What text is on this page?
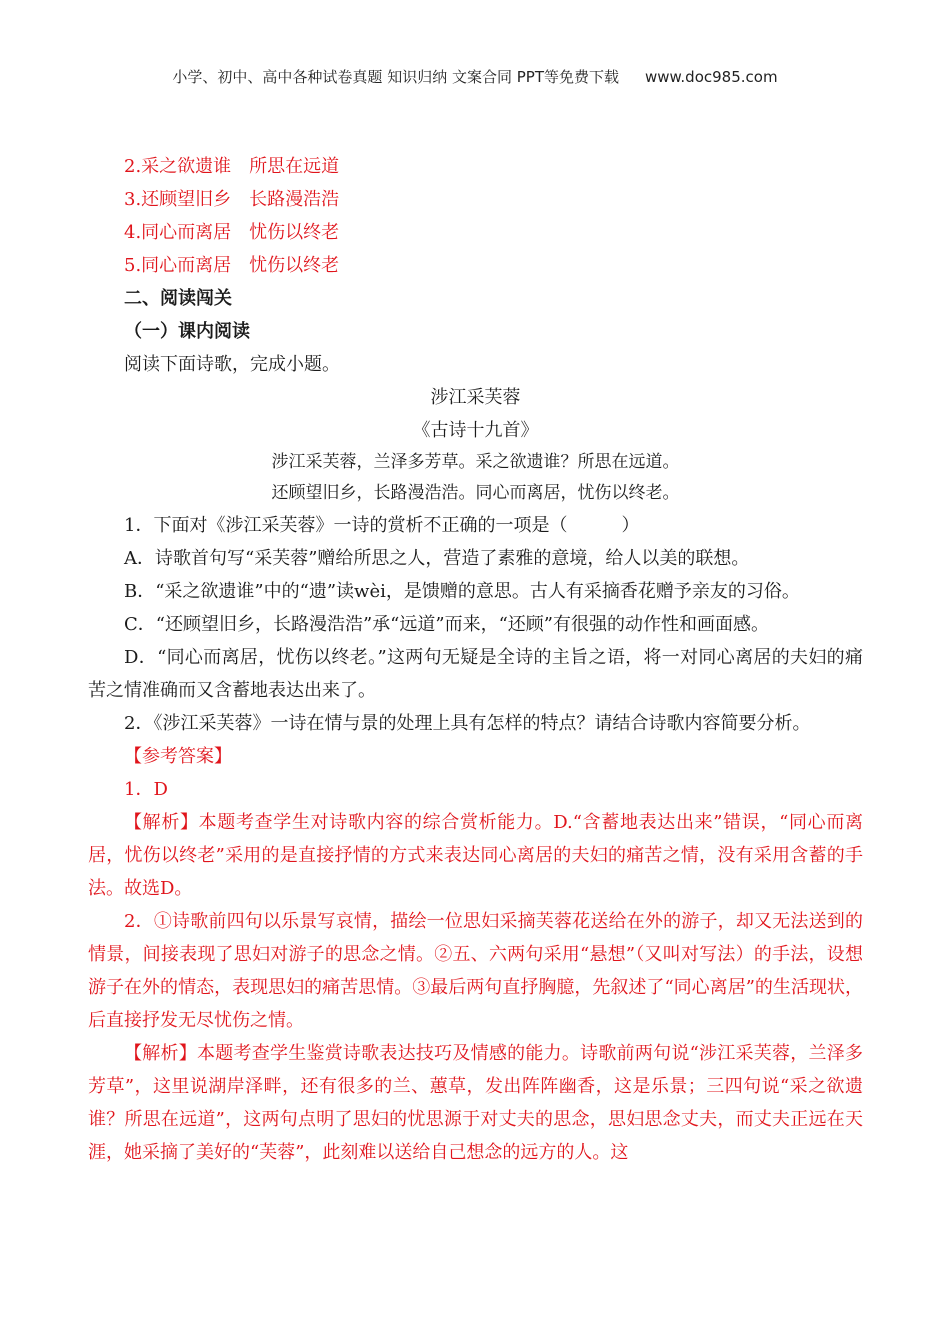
小学、初中、高中各种试卷真题 知识归纳 文案合同 PPT等免费下载 www.doc985.com
2.采之欲遗谁　所思在远道
3.还顾望旧乡　长路漫浩浩
4.同心而离居　忧伤以终老
5.同心而离居　忧伤以终老
二、阅读闯关
（一）课内阅读
阅读下面诗歌，完成小题。
涉江采芙蓉
《古诗十九首》
涉江采芙蓉，兰泽多芳草。采之欲遗谁？所思在远道。
还顾望旧乡，长路漫浩浩。同心而离居，忧伤以终老。
1．下面对《涉江采芙蓉》一诗的赏析不正确的一项是（　　　）
A．诗歌首句写“采芙蓉”赠给所思之人，营造了素雅的意境，给人以美的联想。
B．“采之欲遗谁”中的“遗”读wèi，是馈赠的意思。古人有采摘香花赠予亲友的习俗。
C．“还顾望旧乡，长路漫浩浩”承“远道”而来，“还顾”有很强的动作性和画面感。
D．“同心而离居，忧伤以终老。”这两句无疑是全诗的主旨之语，将一对同心离居的夫妇的痛苦之情准确而又含蓄地表达出来了。
2．《涉江采芙蓉》一诗在情与景的处理上具有怎样的特点？请结合诗歌内容简要分析。
【参考答案】
1．D
【解析】本题考查学生对诗歌内容的综合赏析能力。D.“含蓄地表达出来”错误，“同心而离居，忧伤以终老”采用的是直接抒情的方式来表达同心离居的夫妇的痛苦之情，没有采用含蓄的手法。故选D。
2．①诗歌前四句以乐景写哀情，描绘一位思妇采摘芙蓉花送给在外的游子，却又无法送到的情景，间接表现了思妇对游子的思念之情。②五、六两句采用“悬想”（又叫对写法）的手法，设想游子在外的情态，表现思妇的痛苦思情。③最后两句直抒胸臆，先叙述了“同心离居”的生活现状，后直接抒发无尽忧伤之情。
【解析】本题考查学生鉴赏诗歌表达技巧及情感的能力。诗歌前两句说“涉江采芙蓉，兰泽多芳草”，这里说湖岸泽畔，还有很多的兰、蕙草，发出阵阵幽香，这是乐景；三四句说“采之欲遗谁？所思在远道”，这两句点明了思妇的忧思源于对丈夫的思念，思妇思念丈夫，而丈夫正远在天涯，她采摘了美好的“芙蓉”，此刻难以送给自己想念的远方的人。这
